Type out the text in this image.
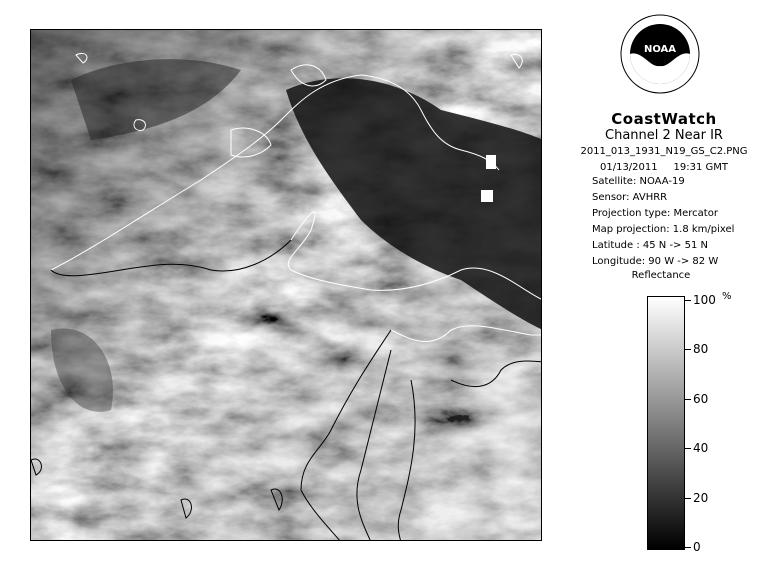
NOAA
CoastWatch
Channel 2 Near IR
2011_013_1931_N19_GS_C2.PNG
01/13/2011 19:31 GMT
Satellite: NOAA-19
Sensor: AVHRR
Projection type: Mercator
Map projection: 1.8 km/pixel
Latitude : 45 N -> 51 N
Longitude: 90 W -> 82 W
Reflectance
%
100
80
60
40
20
0
